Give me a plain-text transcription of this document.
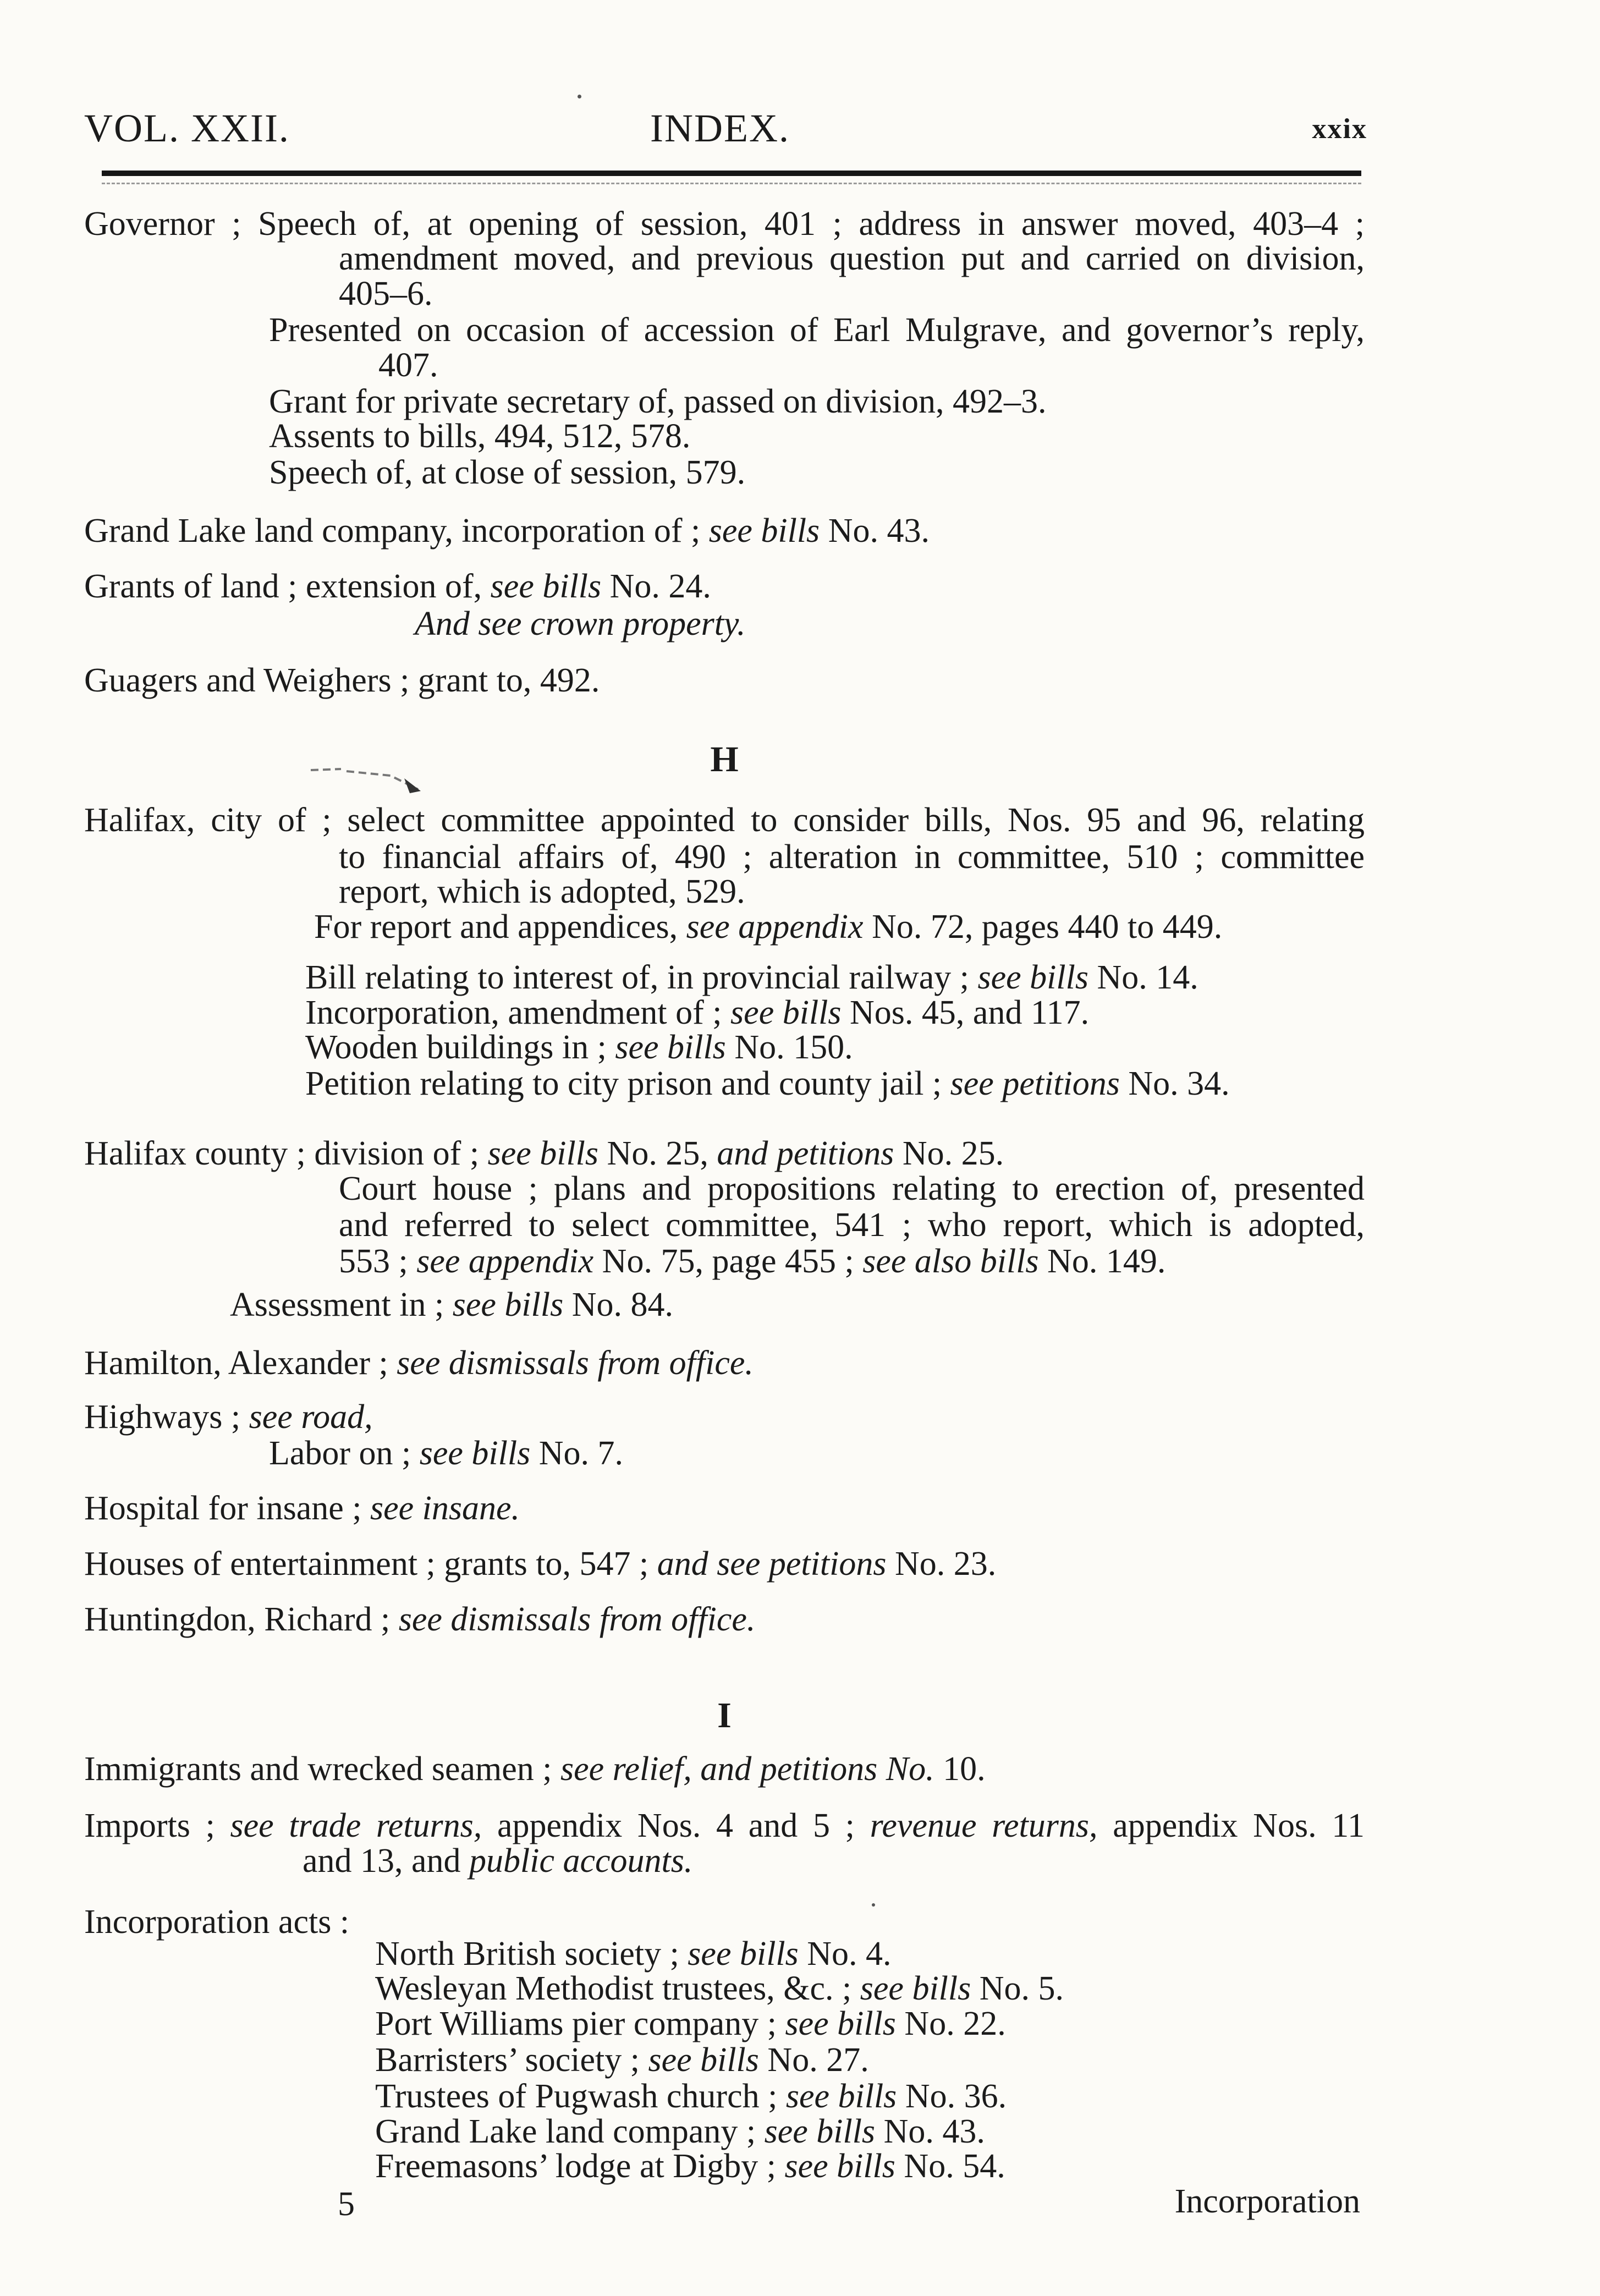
VOL. XXII.	INDEX.	xxix
Governor ; Speech of, at opening of session, 401 ; address in answer moved, 403–4 ;
amendment moved, and previous question put and carried on division,
405–6.
Presented on occasion of accession of Earl Mulgrave, and governor’s reply,
407.
Grant for private secretary of, passed on division, 492–3.
Assents to bills, 494, 512, 578.
Speech of, at close of session, 579.
Grand Lake land company, incorporation of ; see bills No. 43.
Grants of land ; extension of, see bills No. 24.
And see crown property.
Guagers and Weighers ; grant to, 492.
H
Halifax, city of ; select committee appointed to consider bills, Nos. 95 and 96, relating
to financial affairs of, 490 ; alteration in committee, 510 ; committee
report, which is adopted, 529.
For report and appendices, see appendix No. 72, pages 440 to 449.
Bill relating to interest of, in provincial railway ; see bills No. 14.
Incorporation, amendment of ; see bills Nos. 45, and 117.
Wooden buildings in ; see bills No. 150.
Petition relating to city prison and county jail ; see petitions No. 34.
Halifax county ; division of ; see bills No. 25, and petitions No. 25.
Court house ; plans and propositions relating to erection of, presented
and referred to select committee, 541 ; who report, which is adopted,
553 ; see appendix No. 75, page 455 ; see also bills No. 149.
Assessment in ; see bills No. 84.
Hamilton, Alexander ; see dismissals from office.
Highways ; see road,
Labor on ; see bills No. 7.
Hospital for insane ; see insane.
Houses of entertainment ; grants to, 547 ; and see petitions No. 23.
Huntingdon, Richard ; see dismissals from office.
I
Immigrants and wrecked seamen ; see relief, and petitions No. 10.
Imports ; see trade returns, appendix Nos. 4 and 5 ; revenue returns, appendix Nos. 11
and 13, and public accounts.
Incorporation acts :
North British society ; see bills No. 4.
Wesleyan Methodist trustees, &c. ; see bills No. 5.
Port Williams pier company ; see bills No. 22.
Barristers’ society ; see bills No. 27.
Trustees of Pugwash church ; see bills No. 36.
Grand Lake land company ; see bills No. 43.
Freemasons’ lodge at Digby ; see bills No. 54.
5	Incorporation
